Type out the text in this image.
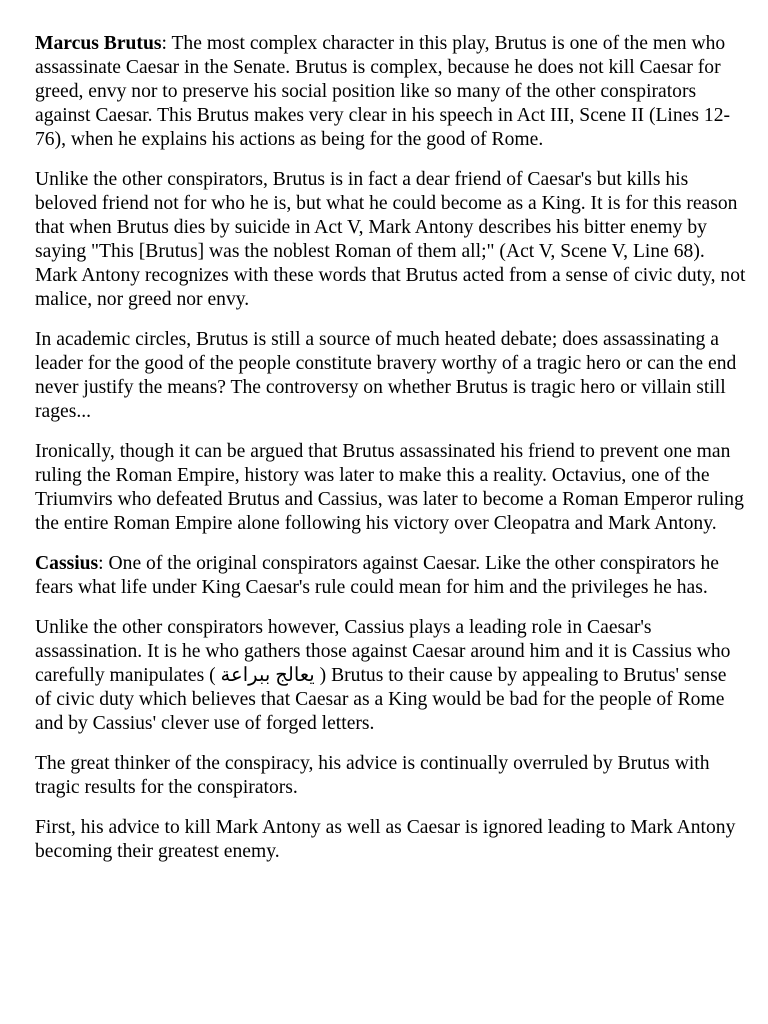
Marcus Brutus: The most complex character in this play, Brutus is one of the men who assassinate Caesar in the Senate. Brutus is complex, because he does not kill Caesar for greed, envy nor to preserve his social position like so many of the other conspirators against Caesar. This Brutus makes very clear in his speech in Act III, Scene II (Lines 12-76), when he explains his actions as being for the good of Rome.

Unlike the other conspirators, Brutus is in fact a dear friend of Caesar's but kills his beloved friend not for who he is, but what he could become as a King. It is for this reason that when Brutus dies by suicide in Act V, Mark Antony describes his bitter enemy by saying "This [Brutus] was the noblest Roman of them all;" (Act V, Scene V, Line 68). Mark Antony recognizes with these words that Brutus acted from a sense of civic duty, not malice, nor greed nor envy.

In academic circles, Brutus is still a source of much heated debate; does assassinating a leader for the good of the people constitute bravery worthy of a tragic hero or can the end never justify the means? The controversy on whether Brutus is tragic hero or villain still rages...

Ironically, though it can be argued that Brutus assassinated his friend to prevent one man ruling the Roman Empire, history was later to make this a reality. Octavius, one of the Triumvirs who defeated Brutus and Cassius, was later to become a Roman Emperor ruling the entire Roman Empire alone following his victory over Cleopatra and Mark Antony.

Cassius: One of the original conspirators against Caesar. Like the other conspirators he fears what life under King Caesar's rule could mean for him and the privileges he has.

Unlike the other conspirators however, Cassius plays a leading role in Caesar's assassination. It is he who gathers those against Caesar around him and it is Cassius who carefully manipulates ( يعالج ببراعة ) Brutus to their cause by appealing to Brutus' sense of civic duty which believes that Caesar as a King would be bad for the people of Rome and by Cassius' clever use of forged letters.

The great thinker of the conspiracy, his advice is continually overruled by Brutus with tragic results for the conspirators.

First, his advice to kill Mark Antony as well as Caesar is ignored leading to Mark Antony becoming their greatest enemy.
